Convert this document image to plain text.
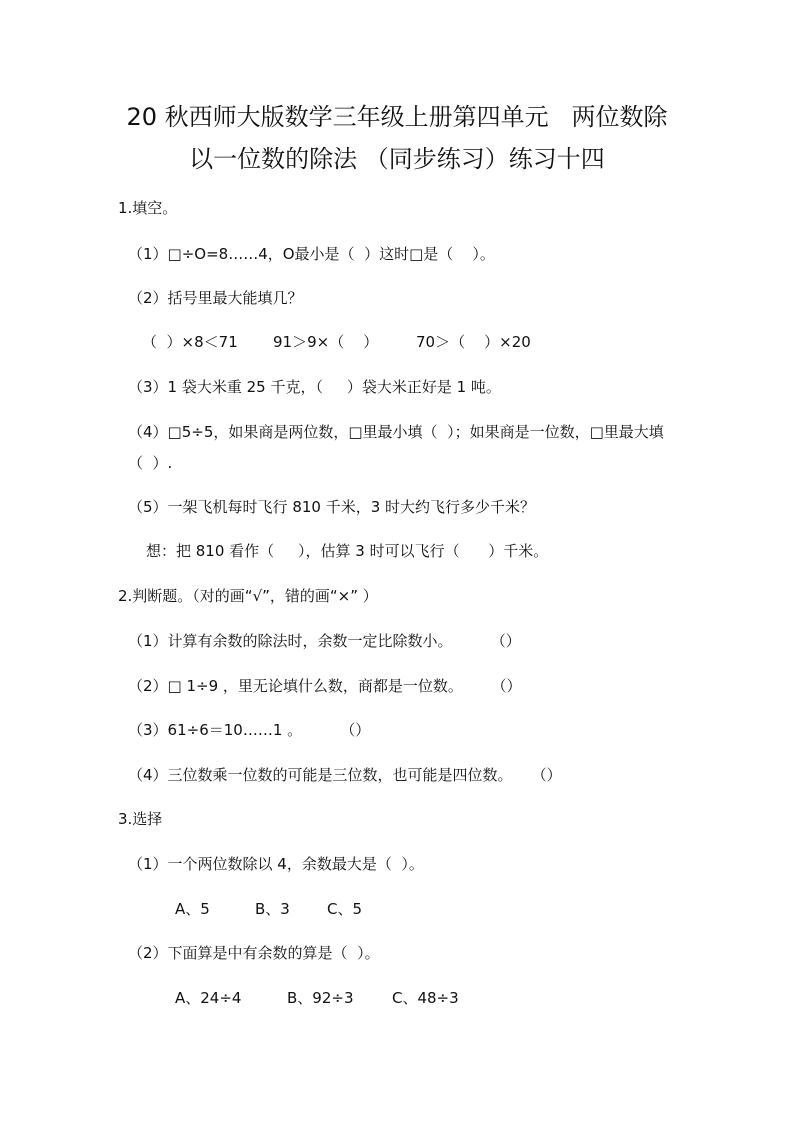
20 秋西师大版数学三年级上册第四单元   两位数除
以一位数的除法 （同步练习）练习十四
1.填空。
（1）□÷O=8……4，O最小是（  ）这时□是（    ）。
（2）括号里最大能填几？
（  ）×8＜71 91＞9×（    ）	70＞（    ）×20
（3）1 袋大米重 25 千克，（     ）袋大米正好是 1 吨。
（4）□5÷5，如果商是两位数，□里最小填（  ）；如果商是一位数，□里最大填
（  ）.
（5）一架飞机每时飞行 810 千米，3 时大约飞行多少千米？
想：把 810 看作（     ），估算 3 时可以飞行（      ）千米。
2.判断题。（对的画“√”，错的画“×” ）
（1）计算有余数的除法时，余数一定比除数小。        （）
（2）□ 1÷9 ，里无论填什么数，商都是一位数。      （）
（3）61÷6＝10……1 。        （）
（4）三位数乘一位数的可能是三位数，也可能是四位数。    （）
3.选择
（1）一个两位数除以 4，余数最大是（  ）。
A、5	B、3 C、5
（2）下面算是中有余数的算是（  ）。
A、24÷4	B、92÷3	C、48÷3
